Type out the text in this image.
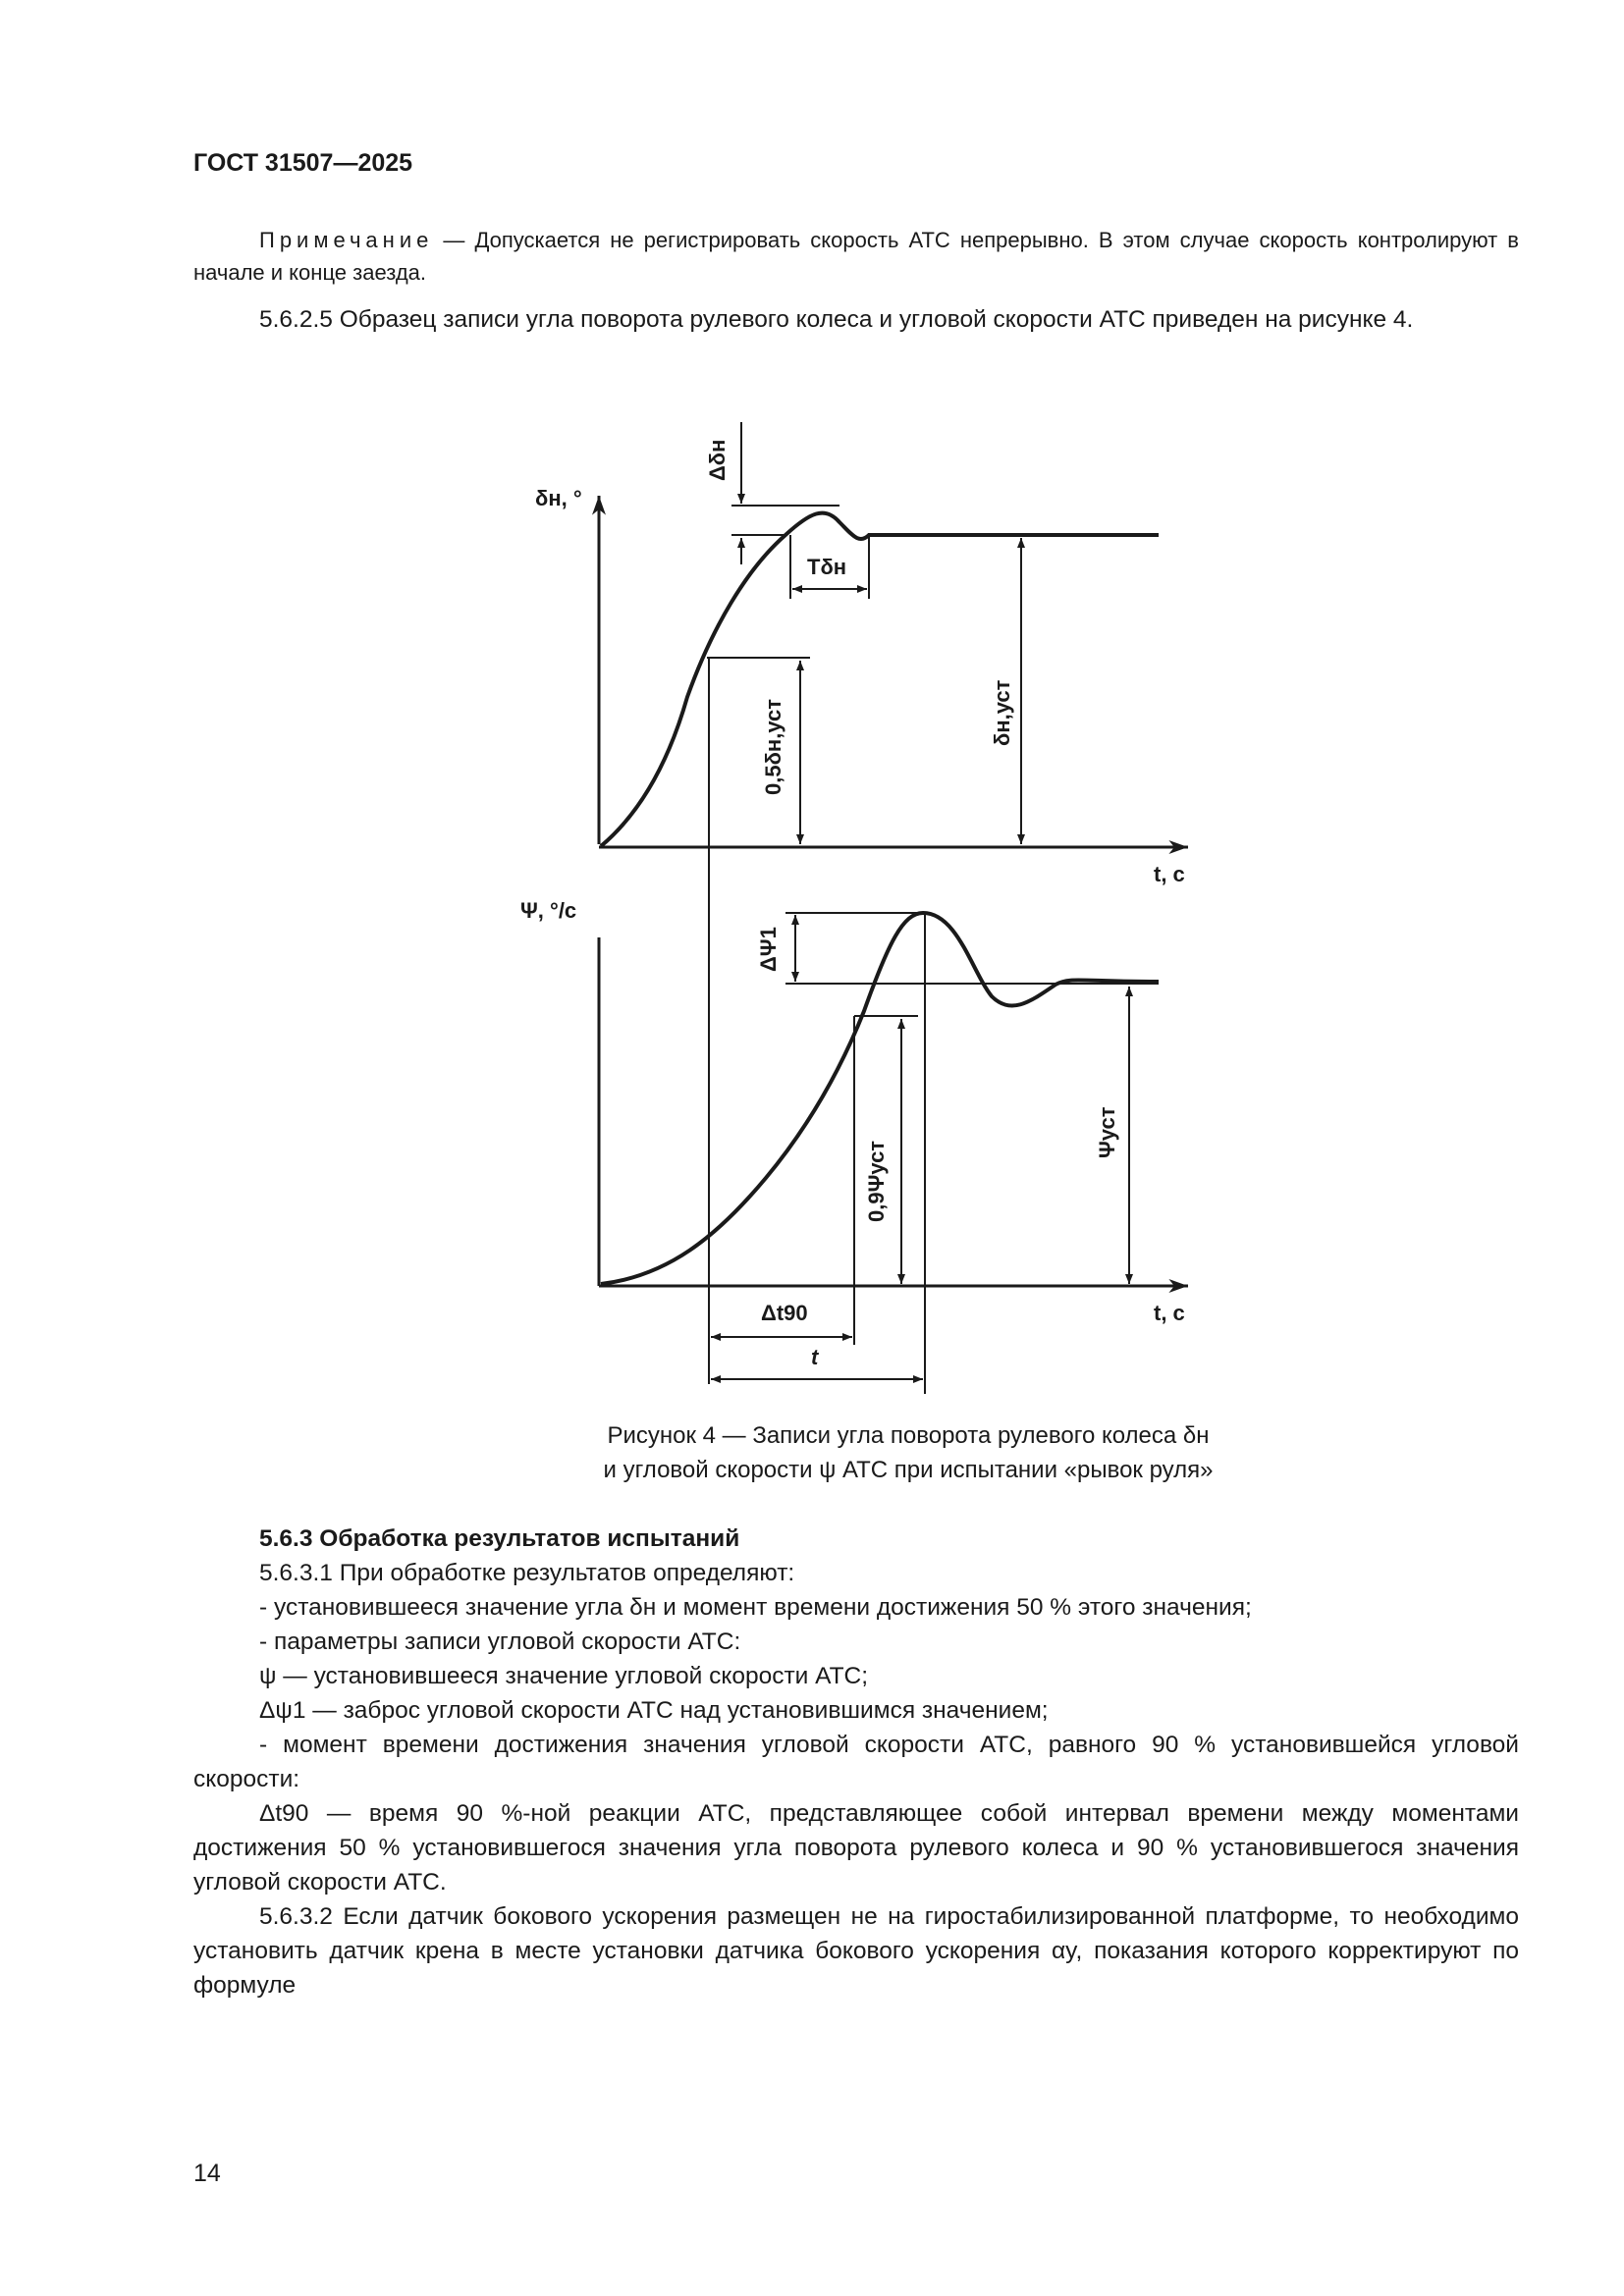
ГОСТ 31507—2025
Примечание — Допускается не регистрировать скорость АТС непрерывно. В этом случае скорость контролируют в начале и конце заезда.
5.6.2.5 Образец записи угла поворота рулевого колеса и угловой скорости АТС приведен на рисунке 4.
δн, °
t, с
Δδн
Tδн
δн,уст
0,5δн,уст
Ψ, °/с
t, с
ΔΨ1
0,9Ψуст
Ψуст
Δt90
t
Рисунок 4 — Записи угла поворота рулевого колеса δн
и угловой скорости ψ АТС при испытании «рывок руля»
5.6.3 Обработка результатов испытаний
5.6.3.1 При обработке результатов определяют:
- установившееся значение угла δн и момент времени достижения 50 % этого значения;
- параметры записи угловой скорости АТС:
ψ — установившееся значение угловой скорости АТС;
Δψ1 — заброс угловой скорости АТС над установившимся значением;
- момент времени достижения значения угловой скорости АТС, равного 90 % установившейся угловой скорости:
Δt90 — время 90 %-ной реакции АТС, представляющее собой интервал времени между моментами достижения 50 % установившегося значения угла поворота рулевого колеса и 90 % установившегося значения угловой скорости АТС.
5.6.3.2 Если датчик бокового ускорения размещен не на гиростабилизированной платформе, то необходимо установить датчик крена в месте установки датчика бокового ускорения αy, показания которого корректируют по формуле
14
